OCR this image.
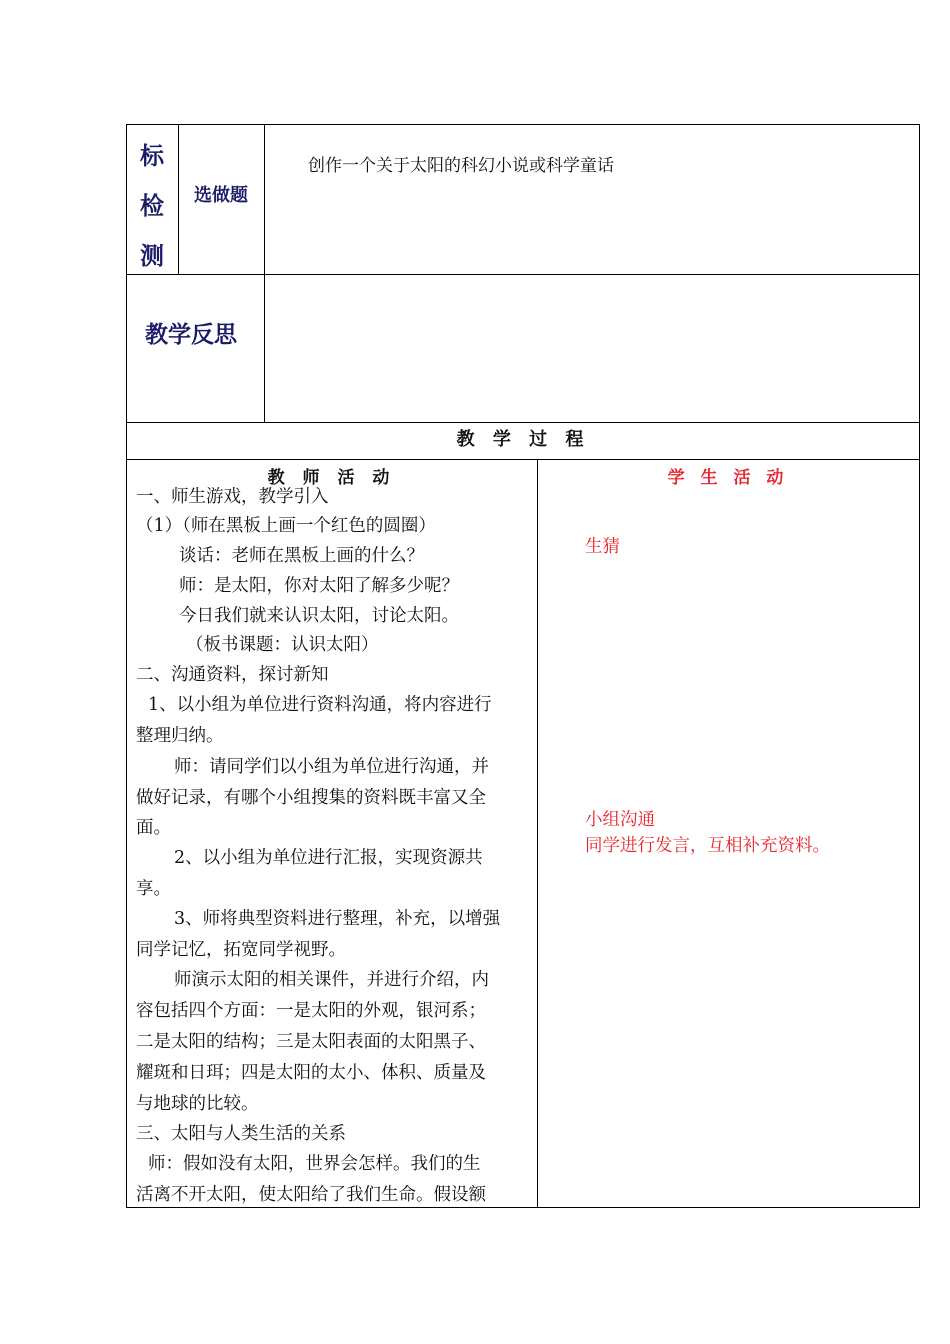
标
检
测
选做题
创作一个关于太阳的科幻小说或科学童话
教学反思
教 学 过 程
教 师 活 动	学 生 活 动
一、师生游戏，教学引入
（1）（师在黑板上画一个红色的圆圈）
谈话：老师在黑板上画的什么？
师：是太阳，你对太阳了解多少呢？
今日我们就来认识太阳，讨论太阳。
（板书课题：认识太阳）
二、沟通资料，探讨新知
1、以小组为单位进行资料沟通，将内容进行
整理归纳。
师：请同学们以小组为单位进行沟通，并
做好记录，有哪个小组搜集的资料既丰富又全
面。
2、以小组为单位进行汇报，实现资源共
享。
3、师将典型资料进行整理，补充，以增强
同学记忆，拓宽同学视野。
师演示太阳的相关课件，并进行介绍，内
容包括四个方面：一是太阳的外观，银河系；
二是太阳的结构；三是太阳表面的太阳黑子、
耀斑和日珥；四是太阳的太小、体积、质量及
与地球的比较。
三、太阳与人类生活的关系
师：假如没有太阳，世界会怎样。我们的生
活离不开太阳，使太阳给了我们生命。假设额
生猜
小组沟通
同学进行发言，互相补充资料。
